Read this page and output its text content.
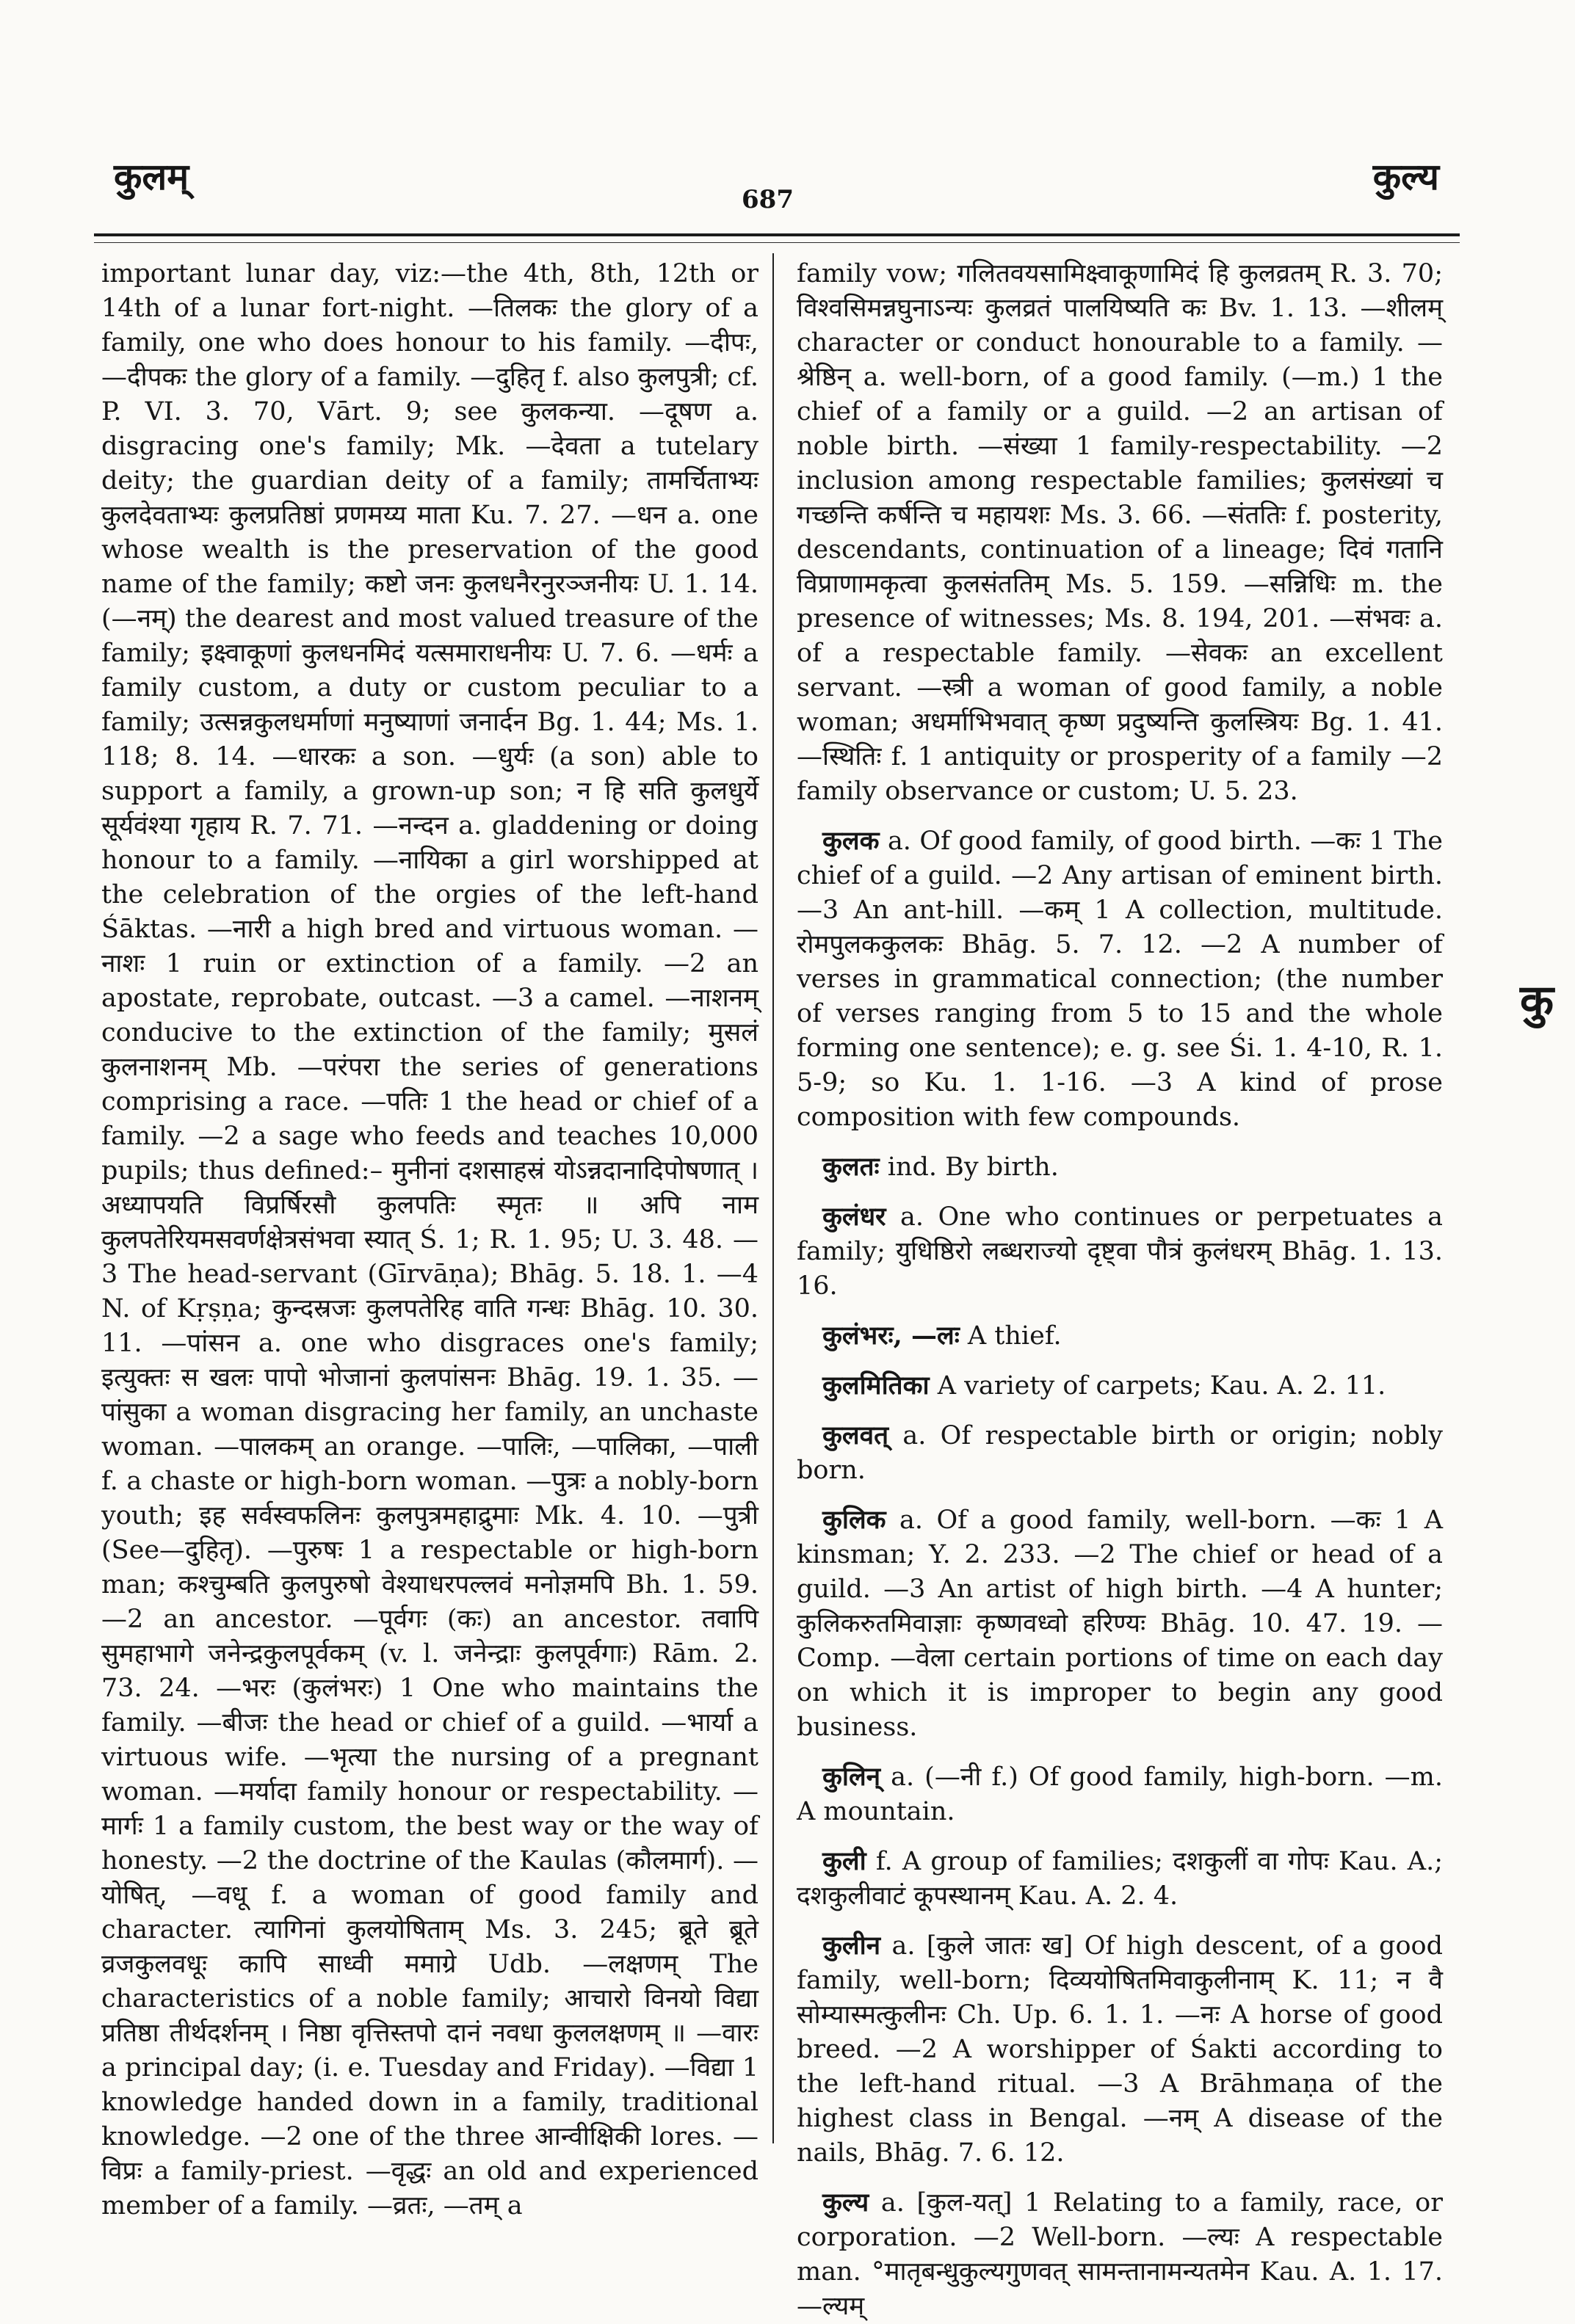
कुलम्
687
कुल्य

important lunar day, viz:—the 4th, 8th, 12th or 14th of a lunar fort-night. —तिलकः the glory of a family, one who does honour to his family. —दीपः, —दीपकः the glory of a family. —दुहितृ f. also कुलपुत्री; cf. P. VI. 3. 70, Vārt. 9; see कुलकन्या. —दूषण a. disgracing one's family; Mk. —देवता a tutelary deity; the guardian deity of a family; तामर्चिताभ्यः कुलदेवताभ्यः कुलप्रतिष्ठां प्रणमय्य माता Ku. 7. 27. —धन a. one whose wealth is the preservation of the good name of the family; कष्टो जनः कुलधनैरनुरञ्जनीयः U. 1. 14. (—नम्) the dearest and most valued treasure of the family; इक्ष्वाकूणां कुलधनमिदं यत्समाराधनीयः U. 7. 6. —धर्मः a family custom, a duty or custom peculiar to a family; उत्सन्नकुलधर्माणां मनुष्याणां जनार्दन Bg. 1. 44; Ms. 1. 118; 8. 14. —धारकः a son. —धुर्यः (a son) able to support a family, a grown-up son; न हि सति कुलधुर्ये सूर्यवंश्या गृहाय R. 7. 71. —नन्दन a. gladdening or doing honour to a family. —नायिका a girl worshipped at the celebration of the orgies of the left-hand Śāktas. —नारी a high bred and virtuous woman. —नाशः 1 ruin or extinction of a family. —2 an apostate, reprobate, outcast. —3 a camel. —नाशनम् conducive to the extinction of the family; मुसलं कुलनाशनम् Mb. —परंपरा the series of generations comprising a race. —पतिः 1 the head or chief of a family. —2 a sage who feeds and teaches 10,000 pupils; thus defined:– मुनीनां दशसाहस्रं योऽन्नदानादिपोषणात् । अध्यापयति विप्रर्षिरसौ कुलपतिः स्मृतः ॥ अपि नाम कुलपतेरियमसवर्णक्षेत्रसंभवा स्यात् Ś. 1; R. 1. 95; U. 3. 48. —3 The head-servant (Gīrvāṇa); Bhāg. 5. 18. 1. —4 N. of Kṛṣṇa; कुन्दस्रजः कुलपतेरिह वाति गन्धः Bhāg. 10. 30. 11. —पांसन a. one who disgraces one's family; इत्युक्तः स खलः पापो भोजानां कुलपांसनः Bhāg. 19. 1. 35. —पांसुका a woman disgracing her family, an unchaste woman. —पालकम् an orange. —पालिः, —पालिका, —पाली f. a chaste or high-born woman. —पुत्रः a nobly-born youth; इह सर्वस्वफलिनः कुलपुत्रमहाद्रुमाः Mk. 4. 10. —पुत्री (See—दुहितृ). —पुरुषः 1 a respectable or high-born man; कश्चुम्बति कुलपुरुषो वेश्याधरपल्लवं मनोज्ञमपि Bh. 1. 59. —2 an ancestor. —पूर्वगः (कः) an ancestor. तवापि सुमहाभागे जनेन्द्रकुलपूर्वकम् (v. l. जनेन्द्राः कुलपूर्वगाः) Rām. 2. 73. 24. —भरः (कुलंभरः) 1 One who maintains the family. —बीजः the head or chief of a guild. —भार्या a virtuous wife. —भृत्या the nursing of a pregnant woman. —मर्यादा family honour or respectability. —मार्गः 1 a family custom, the best way or the way of honesty. —2 the doctrine of the Kaulas (कौलमार्ग). —योषित्, —वधू f. a woman of good family and character. त्यागिनां कुलयोषिताम् Ms. 3. 245; ब्रूते ब्रूते व्रजकुलवधूः कापि साध्वी ममाग्रे Udb. —लक्षणम् The characteristics of a noble family; आचारो विनयो विद्या प्रतिष्ठा तीर्थदर्शनम् । निष्ठा वृत्तिस्तपो दानं नवधा कुललक्षणम् ॥ —वारः a principal day; (i. e. Tuesday and Friday). —विद्या 1 knowledge handed down in a family, traditional knowledge. —2 one of the three आन्वीक्षिकी lores. —विप्रः a family-priest. —वृद्धः an old and experienced member of a family. —व्रतः, —तम् a

family vow; गलितवयसामिक्ष्वाकूणामिदं हि कुलव्रतम् R. 3. 70; विश्वसिमन्नघुनाऽन्यः कुलव्रतं पालयिष्यति कः Bv. 1. 13. —शीलम् character or conduct honourable to a family. —श्रेष्ठिन् a. well-born, of a good family. (—m.) 1 the chief of a family or a guild. —2 an artisan of noble birth. —संख्या 1 family-respectability. —2 inclusion among respectable families; कुलसंख्यां च गच्छन्ति कर्षन्ति च महायशः Ms. 3. 66. —संततिः f. posterity, descendants, continuation of a lineage; दिवं गतानि विप्राणामकृत्वा कुलसंततिम् Ms. 5. 159. —सन्निधिः m. the presence of witnesses; Ms. 8. 194, 201. —संभवः a. of a respectable family. —सेवकः an excellent servant. —स्त्री a woman of good family, a noble woman; अधर्माभिभवात् कृष्ण प्रदुष्यन्ति कुलस्त्रियः Bg. 1. 41. —स्थितिः f. 1 antiquity or prosperity of a family —2 family observance or custom; U. 5. 23.

कुलक a. Of good family, of good birth. —कः 1 The chief of a guild. —2 Any artisan of eminent birth. —3 An ant-hill. —कम् 1 A collection, multitude. रोमपुलककुलकः Bhāg. 5. 7. 12. —2 A number of verses in grammatical connection; (the number of verses ranging from 5 to 15 and the whole forming one sentence); e. g. see Śi. 1. 4-10, R. 1. 5-9; so Ku. 1. 1-16. —3 A kind of prose composition with few compounds.

कुलतः ind. By birth.

कुलंधर a. One who continues or perpetuates a family; युधिष्ठिरो लब्धराज्यो दृष्ट्वा पौत्रं कुलंधरम् Bhāg. 1. 13. 16.

कुलंभरः, —लः A thief.

कुलमितिका A variety of carpets; Kau. A. 2. 11.

कुलवत् a. Of respectable birth or origin; nobly born.

कुलिक a. Of a good family, well-born. —कः 1 A kinsman; Y. 2. 233. —2 The chief or head of a guild. —3 An artist of high birth. —4 A hunter; कुलिकरुतमिवाज्ञाः कृष्णवध्वो हरिण्यः Bhāg. 10. 47. 19. —Comp. —वेला certain portions of time on each day on which it is improper to begin any good business.

कुलिन् a. (—नी f.) Of good family, high-born. —m. A mountain.

कुली f. A group of families; दशकुलीं वा गोपः Kau. A.; दशकुलीवाटं कूपस्थानम् Kau. A. 2. 4.

कुलीन a. [कुले जातः ख] Of high descent, of a good family, well-born; दिव्ययोषितमिवाकुलीनाम् K. 11; न वै सोम्यास्मत्कुलीनः Ch. Up. 6. 1. 1. —नः A horse of good breed. —2 A worshipper of Śakti according to the left-hand ritual. —3 A Brāhmaṇa of the highest class in Bengal. —नम् A disease of the nails, Bhāg. 7. 6. 12.

कुल्य a. [कुल-यत्] 1 Relating to a family, race, or corporation. —2 Well-born. —ल्यः A respectable man. °मातृबन्धुकुल्यगुणवत् सामन्तानामन्यतमेन Kau. A. 1. 17. —ल्यम्

कु
